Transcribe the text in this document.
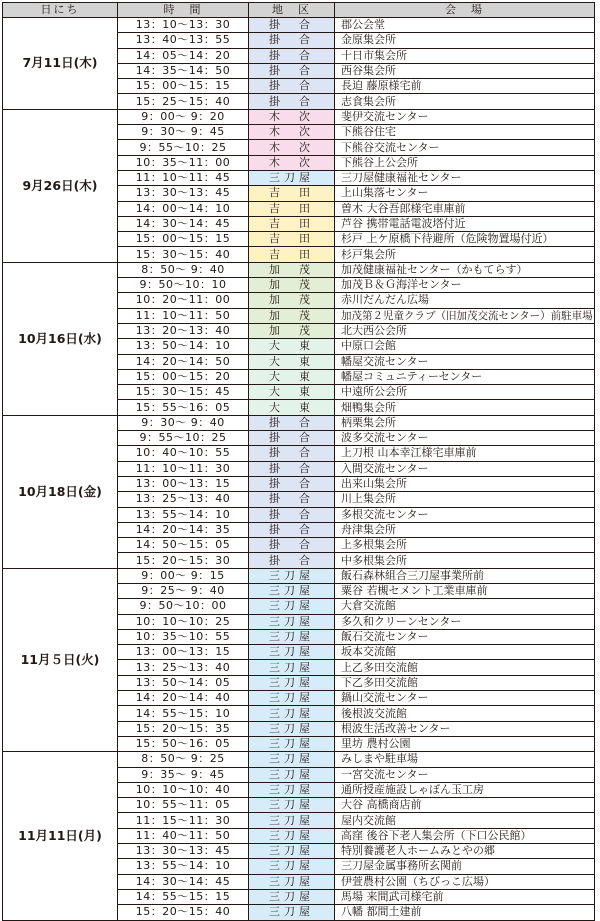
日にち	時　間	地　区	会　場
7月11日(木)	13：10～13：30	掛　合	郡公会堂
	13：40～13：55	掛　合	金原集会所
	14：05～14：20	掛　合	十日市集会所
	14：35～14：50	掛　合	西谷集会所
	15：00～15：15	掛　合	長迫 藤原様宅前
	15：25～15：40	掛　合	志食集会所
9月26日(木)	9：00～ 9：20	木　次	斐伊交流センター
	9：30～ 9：45	木　次	下熊谷住宅
	9：55～10：25	木　次	下熊谷交流センター
	10：35～11：00	木　次	下熊谷上公会所
	11：10～11：45	三刀屋	三刀屋健康福祉センター
	13：30～13：45	吉　田	上山集落センター
	14：00～14：10	吉　田	曽木 大谷吾郎様宅車庫前
	14：30～14：45	吉　田	芦谷 携帯電話電波塔付近
	15：00～15：15	吉　田	杉戸 上ケ原橋下待避所（危険物置場付近）
	15：30～15：40	吉　田	杉戸集会所
10月16日(水)	8：50～ 9：40	加　茂	加茂健康福祉センター（かもてらす）
	9：50～10：10	加　茂	加茂Ｂ＆Ｇ海洋センター
	10：20～11：00	加　茂	赤川だんだん広場
	11：10～11：50	加　茂	加茂第２児童クラブ（旧加茂交流センター）前駐車場
	13：20～13：40	加　茂	北大西公会所
	13：50～14：10	大　東	中原口会館
	14：20～14：50	大　東	幡屋交流センター
	15：00～15：20	大　東	幡屋コミュニティーセンター
	15：30～15：45	大　東	中遠所公会所
	15：55～16：05	大　東	畑鴨集会所
10月18日(金)	9：30～ 9：40	掛　合	柄栗集会所
	9：55～10：25	掛　合	波多交流センター
	10：40～10：55	掛　合	上刀根 山本幸江様宅車庫前
	11：10～11：30	掛　合	入間交流センター
	13：00～13：15	掛　合	出来山集会所
	13：25～13：40	掛　合	川上集会所
	13：55～14：10	掛　合	多根交流センター
	14：20～14：35	掛　合	舟津集会所
	14：50～15：05	掛　合	上多根集会所
	15：20～15：30	掛　合	中多根集会所
11月５日(火)	9：00～ 9：15	三刀屋	飯石森林組合三刀屋事業所前
	9：25～ 9：40	三刀屋	粟谷 若槻セメント工業車庫前
	9：50～10：00	三刀屋	大倉交流館
	10：10～10：25	三刀屋	多久和クリーンセンター
	10：35～10：55	三刀屋	飯石交流センター
	13：00～13：15	三刀屋	坂本交流館
	13：25～13：40	三刀屋	上乙多田交流館
	13：50～14：05	三刀屋	下乙多田交流館
	14：20～14：40	三刀屋	鍋山交流センター
	14：55～15：10	三刀屋	後根波交流館
	15：20～15：35	三刀屋	根波生活改善センター
	15：50～16：05	三刀屋	里坊 農村公園
11月11日(月)	8：50～ 9：25	三刀屋	みしまや駐車場
	9：35～ 9：45	三刀屋	一宮交流センター
	10：10～10：40	三刀屋	通所授産施設しゃぼん玉工房
	10：55～11：05	三刀屋	大谷 高橋商店前
	11：15～11：30	三刀屋	屋内交流館
	11：40～11：50	三刀屋	高窪 後谷下老人集会所（下口公民館）
	13：30～13：45	三刀屋	特別養護老人ホームみとやの郷
	13：55～14：10	三刀屋	三刀屋金属事務所玄関前
	14：30～14：45	三刀屋	伊萱農村公園（ちびっこ広場）
	14：55～15：15	三刀屋	馬場 来間武司様宅前
	15：20～15：40	三刀屋	八幡 都間土建前
